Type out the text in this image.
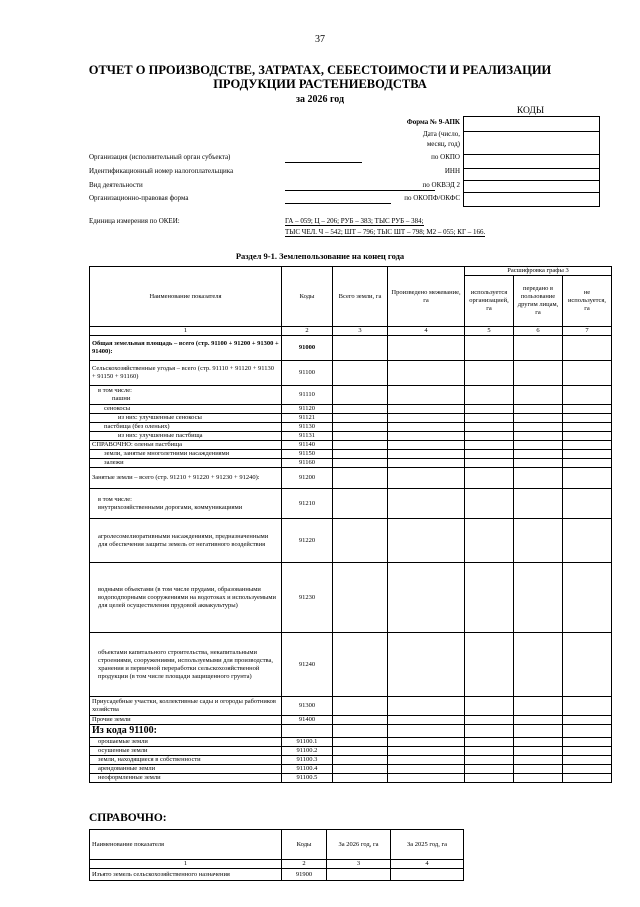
37
ОТЧЕТ О ПРОИЗВОДСТВЕ, ЗАТРАТАХ, СЕБЕСТОИМОСТИ И РЕАЛИЗАЦИИ
ПРОДУКЦИИ РАСТЕНИЕВОДСТВА
за 2026 год
КОДЫ
Форма № 9-АПК
Дата (число,
месяц, год)
по ОКПО
ИНН
по ОКВЭД 2
по ОКОПФ/ОКФС
Организация (исполнительный орган субъекта)
Идентификационный номер налогоплательщика
Вид деятельности
Организационно-правовая форма
Единица измерения по ОКЕИ:	ГА – 059; Ц – 206; РУБ – 383; ТЫС РУБ – 384;
ТЫС ЧЕЛ. Ч – 542; ШТ – 796; ТЫС ШТ – 798; М2 – 055; КГ – 166.
Раздел 9-1. Землепользование на конец года
Наименование показателя	Коды	Всего земли, га	Произведено межевание, га	Расшифровка графы 3		
				используется организацией, га	передано в пользование другим лицам, га	не используется, га
1	2	3	4	5	6	7
Общая земельная площадь – всего (стр. 91100 + 91200 + 91300 + 91400):	91000					
Сельскохозяйственные угодья – всего (стр. 91110 + 91120 + 91130 + 91150 + 91160)	91100					

в том числе:
пашни	91110					
сенокосы	91120					
из них: улучшенные сенокосы	91121					
пастбища (без оленьих)	91130					
из них: улучшенные пастбища	91131					
СПРАВОЧНО: оленьи пастбища	91140					
земли, занятые многолетними насаждениями	91150					
залежи	91160					
Занятые земли – всего (стр. 91210 + 91220 + 91230 + 91240):	91200					

в том числе:
внутрихозяйственными дорогами, коммуникациями	91210					
агролесомелиоративными насаждениями, предназначенными для обеспечения защиты земель от негативного воздействия	91220					
водными объектами (в том числе прудами, образованными водоподпорными сооружениями на водотоках и используемыми для целей осуществления прудовой аквакультуры)	91230					
объектами капитального строительства, некапитальными строениями, сооружениями, используемыми для производства, хранения и первичной переработки сельскохозяйственной продукции (в том числе площади защищенного грунта)	91240					
Приусадебные участки, коллективные сады и огороды работников хозяйства	91300					
Прочие земли	91400					
Из кода 91100:						
орошаемые земли	91100.1					
осушенные земли	91100.2					
земли, находящиеся в собственности	91100.3					
арендованные земли	91100.4					
неоформленные земли	91100.5					
СПРАВОЧНО:
Наименование показателя	Коды	За 2026 год, га	За 2025 год, га
1	2	3	4
Изъято земель сельскохозяйственного назначения	91900		
